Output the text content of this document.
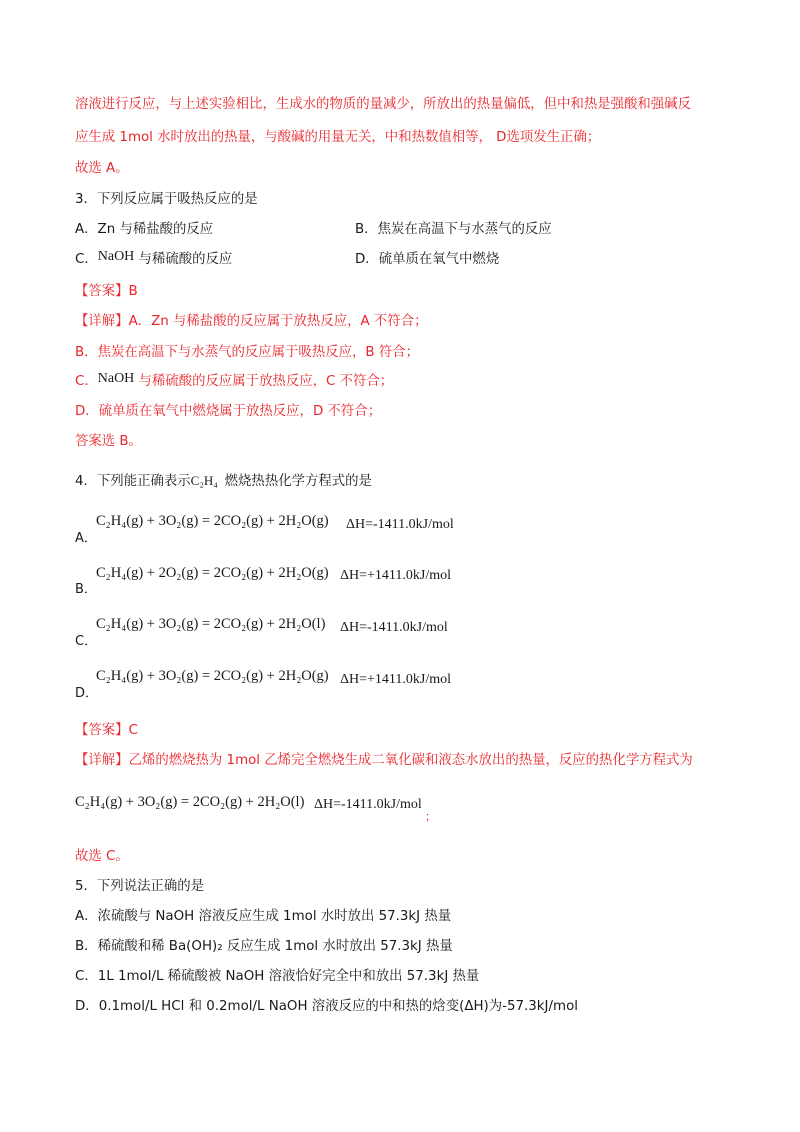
溶液进行反应，与上述实验相比，生成水的物质的量减少，所放出的热量偏低，但中和热是强酸和强碱反
应生成 1mol 水时放出的热量，与酸碱的用量无关，中和热数值相等， D选项发生正确；
故选 A。
3．下列反应属于吸热反应的是
A．Zn 与稀盐酸的反应	B．焦炭在高温下与水蒸气的反应
C．NaOH 与稀硫酸的反应	D．硫单质在氧气中燃烧
【答案】B
【详解】A．Zn 与稀盐酸的反应属于放热反应，A 不符合；
B．焦炭在高温下与水蒸气的反应属于吸热反应，B 符合；
C．NaOH 与稀硫酸的反应属于放热反应，C 不符合；
D．硫单质在氧气中燃烧属于放热反应，D 不符合；
答案选 B。
4．下列能正确表示 C₂H₄ 燃烧热热化学方程式的是
A．
C₂H₄(g) + 3O₂(g) = 2CO₂(g) + 2H₂O(g) ΔH=-1411.0kJ/mol
B．
C₂H₄(g) + 2O₂(g) = 2CO₂(g) + 2H₂O(g) ΔH=+1411.0kJ/mol
C．
C₂H₄(g) + 3O₂(g) = 2CO₂(g) + 2H₂O(l) ΔH=-1411.0kJ/mol
D．
C₂H₄(g) + 3O₂(g) = 2CO₂(g) + 2H₂O(g) ΔH=+1411.0kJ/mol
【答案】C
【详解】乙烯的燃烧热为 1mol 乙烯完全燃烧生成二氧化碳和液态水放出的热量，反应的热化学方程式为
C₂H₄(g) + 3O₂(g) = 2CO₂(g) + 2H₂O(l) ΔH=-1411.0kJ/mol
；
故选 C。
5．下列说法正确的是
A．浓硫酸与 NaOH 溶液反应生成 1mol 水时放出 57.3kJ 热量
B．稀硫酸和稀 Ba(OH)₂ 反应生成 1mol 水时放出 57.3kJ 热量
C．1L 1mol/L 稀硫酸被 NaOH 溶液恰好完全中和放出 57.3kJ 热量
D．0.1mol/L HCl 和 0.2mol/L NaOH 溶液反应的中和热的焓变(ΔH)为-57.3kJ/mol
